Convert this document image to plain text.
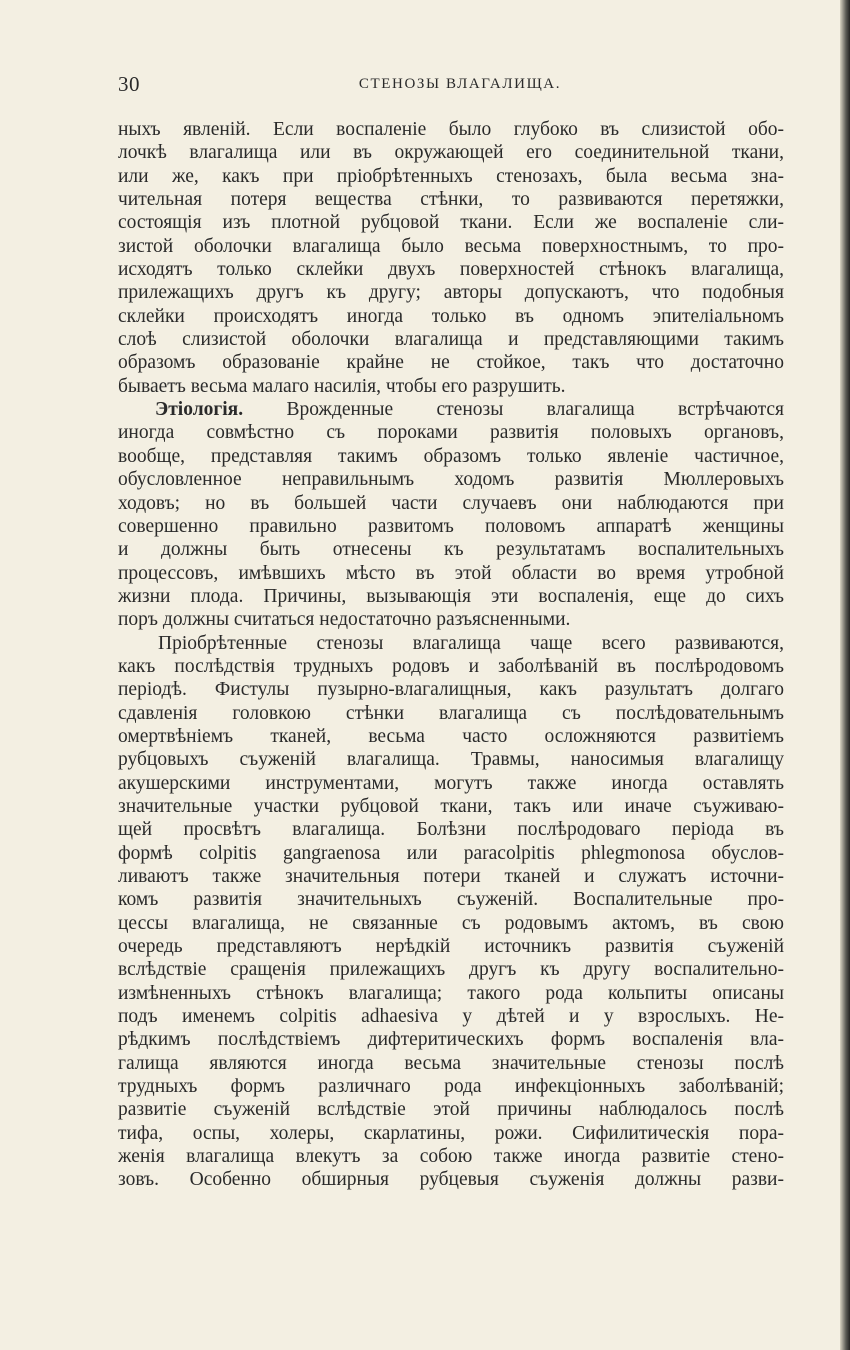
30	СТЕНОЗЫ ВЛАГАЛИЩА.
ныхъ явленій. Если воспаленіе было глубоко въ слизистой обо-
лочкѣ влагалища или въ окружающей его соединительной ткани,
или же, какъ при пріобрѣтенныхъ стенозахъ, была весьма зна-
чительная потеря вещества стѣнки, то развиваются перетяжки,
состоящія изъ плотной рубцовой ткани. Если же воспаленіе сли-
зистой оболочки влагалища было весьма поверхностнымъ, то про-
исходятъ только склейки двухъ поверхностей стѣнокъ влагалища,
прилежащихъ другъ къ другу; авторы допускаютъ, что подобныя
склейки происходятъ иногда только въ одномъ эпителіальномъ
слоѣ слизистой оболочки влагалища и представляющими такимъ
образомъ образованіе крайне не стойкое, такъ что достаточно
бываетъ весьма малаго насилія, чтобы его разрушить.
Этіологія. Врожденные стенозы влагалища встрѣчаются
иногда совмѣстно съ пороками развитія половыхъ органовъ,
вообще, представляя такимъ образомъ только явленіе частичное,
обусловленное неправильнымъ ходомъ развитія Мюллеровыхъ
ходовъ; но въ большей части случаевъ они наблюдаются при
совершенно правильно развитомъ половомъ аппаратѣ женщины
и должны быть отнесены къ результатамъ воспалительныхъ
процессовъ, имѣвшихъ мѣсто въ этой области во время утробной
жизни плода. Причины, вызывающія эти воспаленія, еще до сихъ
поръ должны считаться недостаточно разъясненными.
Пріобрѣтенные стенозы влагалища чаще всего развиваются,
какъ послѣдствія трудныхъ родовъ и заболѣваній въ послѣродовомъ
періодѣ. Фистулы пузырно-влагалищныя, какъ разультатъ долгаго
сдавленія головкою стѣнки влагалища съ послѣдовательнымъ
омертвѣніемъ тканей, весьма часто осложняются развитіемъ
рубцовыхъ съуженій влагалища. Травмы, наносимыя влагалищу
акушерскими инструментами, могутъ также иногда оставлять
значительные участки рубцовой ткани, такъ или иначе съуживаю-
щей просвѣтъ влагалища. Болѣзни послѣродоваго періода въ
формѣ colpitis gangraenosa или paracolpitis phlegmonosa обуслов-
ливаютъ также значительныя потери тканей и служатъ источни-
комъ развитія значительныхъ съуженій. Воспалительные про-
цессы влагалища, не связанные съ родовымъ актомъ, въ свою
очередь представляютъ нерѣдкій источникъ развитія съуженій
вслѣдствіе сращенія прилежащихъ другъ къ другу воспалительно-
измѣненныхъ стѣнокъ влагалища; такого рода кольпиты описаны
подъ именемъ colpitis adhaesiva у дѣтей и у взрослыхъ. Не-
рѣдкимъ послѣдствіемъ дифтеритическихъ формъ воспаленія вла-
галища являются иногда весьма значительные стенозы послѣ
трудныхъ формъ различнаго рода инфекціонныхъ заболѣваній;
развитіе съуженій вслѣдствіе этой причины наблюдалось послѣ
тифа, оспы, холеры, скарлатины, рожи. Сифилитическія пора-
женія влагалища влекутъ за собою также иногда развитіе стено-
зовъ. Особенно обширныя рубцевыя съуженія должны разви-
